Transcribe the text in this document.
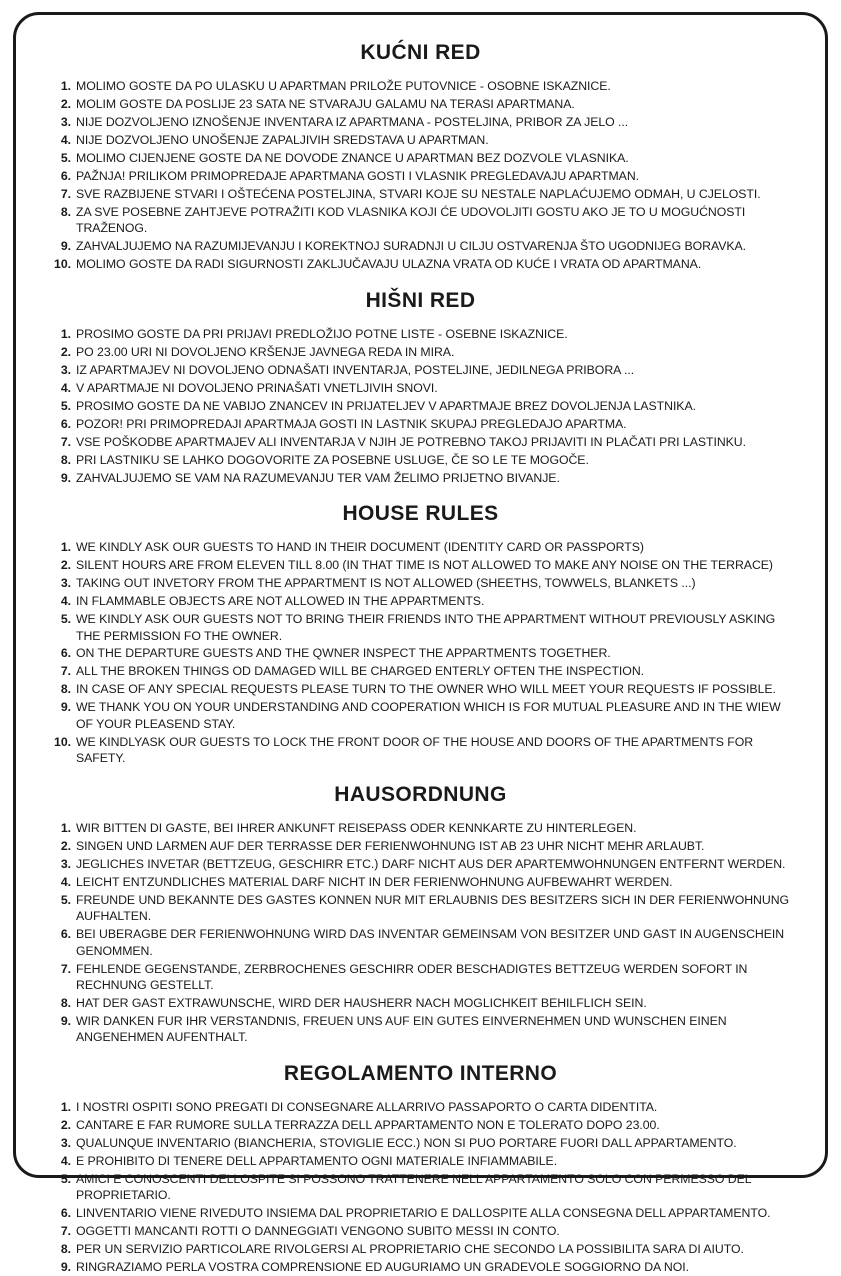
KUĆNI RED
1. MOLIMO GOSTE DA PO ULASKU U APARTMAN PRILOŽE PUTOVNICE - OSOBNE ISKAZNICE.
2. MOLIM GOSTE DA POSLIJE 23 SATA NE STVARAJU GALAMU NA TERASI APARTMANA.
3. NIJE DOZVOLJENO IZNOŠENJE INVENTARA IZ APARTMANA - POSTELJINA, PRIBOR ZA JELO ...
4. NIJE DOZVOLJENO UNOŠENJE ZAPALJIVIH SREDSTAVA U APARTMAN.
5. MOLIMO CIJENJENE GOSTE DA NE DOVODE ZNANCE U APARTMAN BEZ DOZVOLE VLASNIKA.
6. PAŽNJA! PRILIKOM PRIMOPREDAJE APARTMANA GOSTI I VLASNIK PREGLEDAVAJU APARTMAN.
7. SVE RAZBIJENE STVARI I OŠTEĆENA POSTELJINA, STVARI KOJE SU NESTALE NAPLAĆUJEMO ODMAH, U CJELOSTI.
8. ZA SVE POSEBNE ZAHTJEVE POTRAŽITI KOD VLASNIKA KOJI ĆE UDOVOLJITI GOSTU AKO JE TO U MOGUĆNOSTI TRAŽENOG.
9. ZAHVALJUJEMO NA RAZUMIJEVANJU I KOREKTNOJ SURADNJI U CILJU OSTVARENJA ŠTO UGODNIJEG BORAVKA.
10. MOLIMO GOSTE DA RADI SIGURNOSTI ZAKLJUČAVAJU ULAZNA VRATA OD KUĆE I VRATA OD APARTMANA.
HIŠNI RED
1. PROSIMO GOSTE DA PRI PRIJAVI PREDLOŽIJO POTNE LISTE - OSEBNE ISKAZNICE.
2. PO 23.00 URI NI DOVOLJENO KRŠENJE JAVNEGA REDA IN MIRA.
3. IZ APARTMAJEV NI DOVOLJENO ODNAŠATI INVENTARJA, POSTELJINE, JEDILNEGA PRIBORA ...
4. V APARTMAJE NI DOVOLJENO PRINAŠATI VNETLJIVIH SNOVI.
5. PROSIMO GOSTE DA NE VABIJO ZNANCEV IN PRIJATELJEV V APARTMAJE BREZ DOVOLJENJA LASTNIKA.
6. POZOR! PRI PRIMOPREDAJI APARTMAJA GOSTI IN LASTNIK SKUPAJ PREGLEDAJO APARTMA.
7. VSE POŠKODBE APARTMAJEV ALI INVENTARJA V NJIH JE POTREBNO TAKOJ PRIJAVITI IN PLAČATI PRI LASTINKU.
8. PRI LASTNIKU SE LAHKO DOGOVORITE ZA POSEBNE USLUGE, ČE SO LE TE MOGOČE.
9. ZAHVALJUJEMO SE VAM NA RAZUMEVANJU TER VAM ŽELIMO PRIJETNO BIVANJE.
HOUSE RULES
1. WE KINDLY ASK OUR GUESTS TO HAND IN THEIR DOCUMENT (IDENTITY CARD OR PASSPORTS)
2. SILENT HOURS ARE FROM ELEVEN TILL 8.00 (IN THAT TIME IS NOT ALLOWED TO MAKE ANY NOISE ON THE TERRACE)
3. TAKING OUT INVETORY FROM THE APPARTMENT IS NOT ALLOWED (SHEETHS, TOWWELS, BLANKETS ...)
4. IN FLAMMABLE OBJECTS ARE NOT ALLOWED IN THE APPARTMENTS.
5. WE KINDLY ASK OUR GUESTS NOT TO BRING THEIR FRIENDS INTO THE APPARTMENT WITHOUT PREVIOUSLY ASKING THE PERMISSION FO THE OWNER.
6. ON THE DEPARTURE GUESTS AND THE QWNER INSPECT THE APPARTMENTS TOGETHER.
7. ALL THE BROKEN THINGS OD DAMAGED WILL BE CHARGED ENTERLY OFTEN THE INSPECTION.
8. IN CASE OF ANY SPECIAL REQUESTS PLEASE TURN TO THE OWNER WHO WILL MEET YOUR REQUESTS IF POSSIBLE.
9. WE THANK YOU ON YOUR UNDERSTANDING AND COOPERATION WHICH IS FOR MUTUAL PLEASURE AND IN THE WIEW OF YOUR PLEASEND STAY.
10. WE KINDLYASK OUR GUESTS TO LOCK THE FRONT DOOR OF THE HOUSE AND DOORS OF THE APARTMENTS FOR SAFETY.
HAUSORDNUNG
1. WIR BITTEN DI GASTE, BEI IHRER ANKUNFT REISEPASS ODER KENNKARTE ZU HINTERLEGEN.
2. SINGEN UND LARMEN AUF DER TERRASSE DER FERIENWOHNUNG IST AB 23 UHR NICHT MEHR ARLAUBT.
3. JEGLICHES INVETAR (BETTZEUG, GESCHIRR ETC.) DARF NICHT AUS DER APARTEMWOHNUNGEN ENTFERNT WERDEN.
4. LEICHT ENTZUNDLICHES MATERIAL DARF NICHT IN DER FERIENWOHNUNG AUFBEWAHRT WERDEN.
5. FREUNDE UND BEKANNTE DES GASTES KONNEN NUR MIT ERLAUBNIS DES BESITZERS SICH IN DER FERIENWOHNUNG AUFHALTEN.
6. BEI UBERAGBE DER FERIENWOHNUNG WIRD DAS INVENTAR GEMEINSAM VON BESITZER UND GAST IN AUGENSCHEIN GENOMMEN.
7. FEHLENDE GEGENSTANDE, ZERBROCHENES GESCHIRR ODER BESCHADIGTES BETTZEUG WERDEN SOFORT IN RECHNUNG GESTELLT.
8. HAT DER GAST EXTRAWUNSCHE, WIRD DER HAUSHERR NACH MOGLICHKEIT BEHILFLICH SEIN.
9. WIR DANKEN FUR IHR VERSTANDNIS, FREUEN UNS AUF EIN GUTES EINVERNEHMEN UND WUNSCHEN EINEN ANGENEHMEN AUFENTHALT.
REGOLAMENTO INTERNO
1. I NOSTRI OSPITI SONO PREGATI DI CONSEGNARE ALLARRIVO PASSAPORTO O CARTA DIDENTITA.
2. CANTARE E FAR RUMORE SULLA TERRAZZA DELL APPARTAMENTO NON E TOLERATO DOPO 23.00.
3. QUALUNQUE INVENTARIO (BIANCHERIA, STOVIGLIE ECC.) NON SI PUO PORTARE FUORI DALL APPARTAMENTO.
4. E PROHIBITO DI TENERE DELL APPARTAMENTO OGNI MATERIALE INFIAMMABILE.
5. AMICI E CONOSCENTI DELLOSPITE SI POSSONO TRATTENERE NELL APPARTAMENTO SOLO CON PERMESSO DEL PROPRIETARIO.
6. LINVENTARIO VIENE RIVEDUTO INSIEMA DAL PROPRIETARIO E DALLOSPITE ALLA CONSEGNA DELL APPARTAMENTO.
7. OGGETTI MANCANTI ROTTI O DANNEGGIATI VENGONO SUBITO MESSI IN CONTO.
8. PER UN SERVIZIO PARTICOLARE RIVOLGERSI AL PROPRIETARIO CHE SECONDO LA POSSIBILITA SARA DI AIUTO.
9. RINGRAZIAMO PERLA VOSTRA COMPRENSIONE ED AUGURIAMO UN GRADEVOLE SOGGIORNO DA NOI.
